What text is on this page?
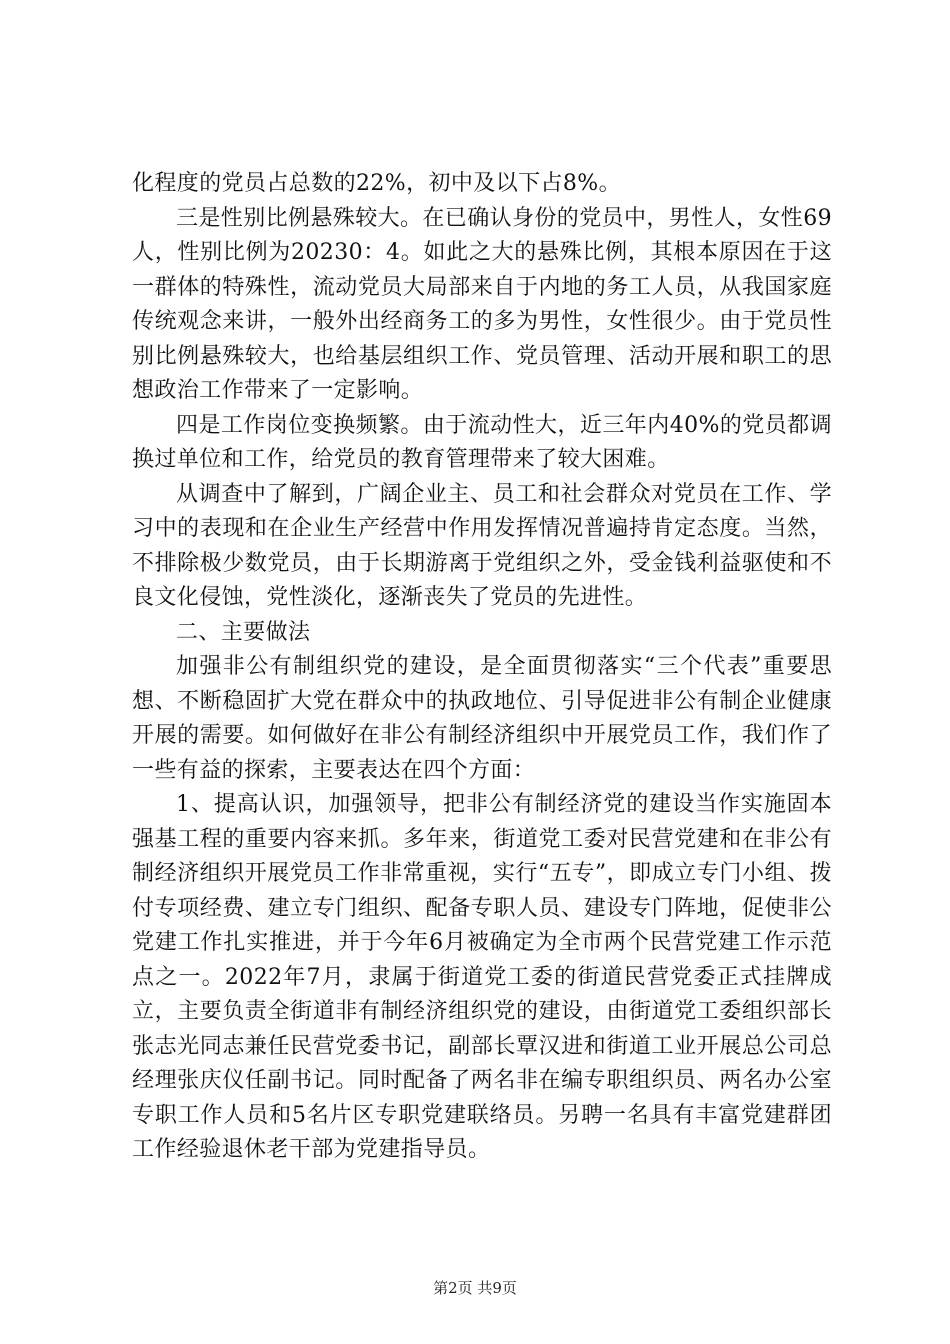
化程度的党员占总数的22%，初中及以下占8%。

三是性别比例悬殊较大。在已确认身份的党员中，男性人，女性69人，性别比例为20230：4。如此之大的悬殊比例，其根本原因在于这一群体的特殊性，流动党员大局部来自于内地的务工人员，从我国家庭传统观念来讲，一般外出经商务工的多为男性，女性很少。由于党员性别比例悬殊较大，也给基层组织工作、党员管理、活动开展和职工的思想政治工作带来了一定影响。

四是工作岗位变换频繁。由于流动性大，近三年内40%的党员都调换过单位和工作，给党员的教育管理带来了较大困难。

从调查中了解到，广阔企业主、员工和社会群众对党员在工作、学习中的表现和在企业生产经营中作用发挥情况普遍持肯定态度。当然，不排除极少数党员，由于长期游离于党组织之外，受金钱利益驱使和不良文化侵蚀，党性淡化，逐渐丧失了党员的先进性。

二、主要做法

加强非公有制组织党的建设，是全面贯彻落实“三个代表”重要思想、不断稳固扩大党在群众中的执政地位、引导促进非公有制企业健康开展的需要。如何做好在非公有制经济组织中开展党员工作，我们作了一些有益的探索，主要表达在四个方面：

1、提高认识，加强领导，把非公有制经济党的建设当作实施固本强基工程的重要内容来抓。多年来，街道党工委对民营党建和在非公有制经济组织开展党员工作非常重视，实行“五专”，即成立专门小组、拨付专项经费、建立专门组织、配备专职人员、建设专门阵地，促使非公党建工作扎实推进，并于今年6月被确定为全市两个民营党建工作示范点之一。2022年7月，隶属于街道党工委的街道民营党委正式挂牌成立，主要负责全街道非有制经济组织党的建设，由街道党工委组织部长张志光同志兼任民营党委书记，副部长覃汉进和街道工业开展总公司总经理张庆仪任副书记。同时配备了两名非在编专职组织员、两名办公室专职工作人员和5名片区专职党建联络员。另聘一名具有丰富党建群团工作经验退休老干部为党建指导员。

第2页 共9页
